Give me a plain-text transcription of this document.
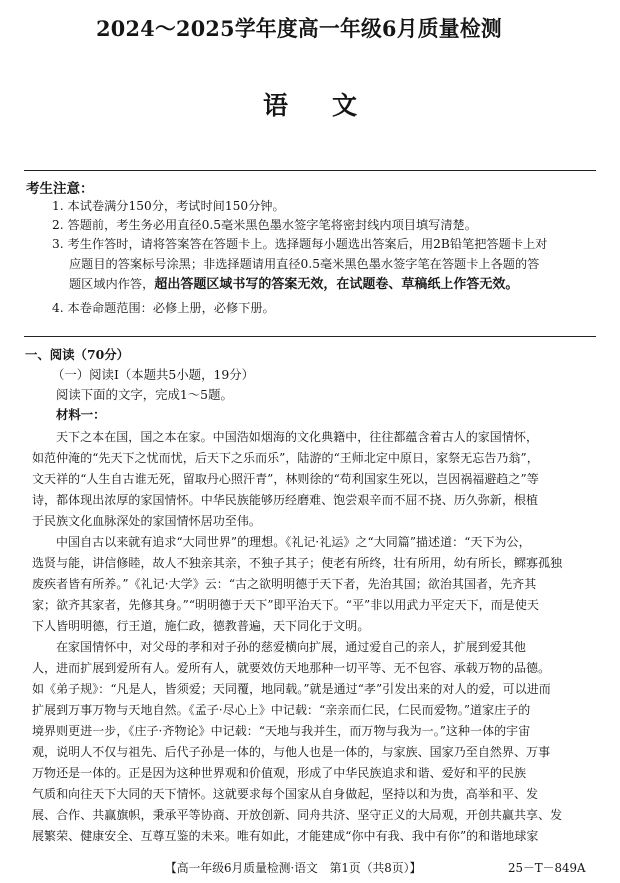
2024～2025学年度高一年级6月质量检测
语 文
考生注意：
1. 本试卷满分150分，考试时间150分钟。
2. 答题前，考生务必用直径0.5毫米黑色墨水签字笔将密封线内项目填写清楚。
3. 考生作答时，请将答案答在答题卡上。选择题每小题选出答案后，用2B铅笔把答题卡上对
应题目的答案标号涂黑；非选择题请用直径0.5毫米黑色墨水签字笔在答题卡上各题的答
题区域内作答，超出答题区域书写的答案无效，在试题卷、草稿纸上作答无效。
4. 本卷命题范围：必修上册，必修下册。
一、阅读（70分）
（一）阅读Ⅰ（本题共5小题，19分）
阅读下面的文字，完成1～5题。
材料一：
天下之本在国，国之本在家。中国浩如烟海的文化典籍中，往往都蕴含着古人的家国情怀，
如范仲淹的“先天下之忧而忧，后天下之乐而乐”，陆游的“王师北定中原日，家祭无忘告乃翁”，
文天祥的“人生自古谁无死，留取丹心照汗青”，林则徐的“苟利国家生死以，岂因祸福避趋之”等
诗，都体现出浓厚的家国情怀。中华民族能够历经磨难、饱尝艰辛而不屈不挠、历久弥新，根植
于民族文化血脉深处的家国情怀居功至伟。
中国自古以来就有追求“大同世界”的理想。《礼记·礼运》之“大同篇”描述道：“天下为公，
选贤与能，讲信修睦，故人不独亲其亲，不独子其子；使老有所终，壮有所用，幼有所长，鳏寡孤独
废疾者皆有所养。”《礼记·大学》云：“古之欲明明德于天下者，先治其国；欲治其国者，先齐其
家；欲齐其家者，先修其身。”“明明德于天下”即平治天下。“平”非以用武力平定天下，而是使天
下人皆明明德，行王道，施仁政，德教普遍，天下同化于文明。
在家国情怀中，对父母的孝和对子孙的慈爱横向扩展，通过爱自己的亲人，扩展到爱其他
人，进而扩展到爱所有人。爱所有人，就要效仿天地那种一切平等、无不包容、承载万物的品德。
如《弟子规》：“凡是人，皆须爱；天同覆，地同载。”就是通过“孝”引发出来的对人的爱，可以进而
扩展到万事万物与天地自然。《孟子·尽心上》中记载：“亲亲而仁民，仁民而爱物。”道家庄子的
境界则更进一步，《庄子·齐物论》中记载：“天地与我并生，而万物与我为一。”这种一体的宇宙
观，说明人不仅与祖先、后代子孙是一体的，与他人也是一体的，与家族、国家乃至自然界、万事
万物还是一体的。正是因为这种世界观和价值观，形成了中华民族追求和谐、爱好和平的民族
气质和向往天下大同的天下情怀。这就要求每个国家从自身做起，坚持以和为贵，高举和平、发
展、合作、共赢旗帜，秉承平等协商、开放创新、同舟共济、坚守正义的大局观，开创共赢共享、发
展繁荣、健康安全、互尊互鉴的未来。唯有如此，才能建成“你中有我、我中有你”的和谐地球家
【高一年级6月质量检测·语文　第1页（共8页）】	25－T－849A
